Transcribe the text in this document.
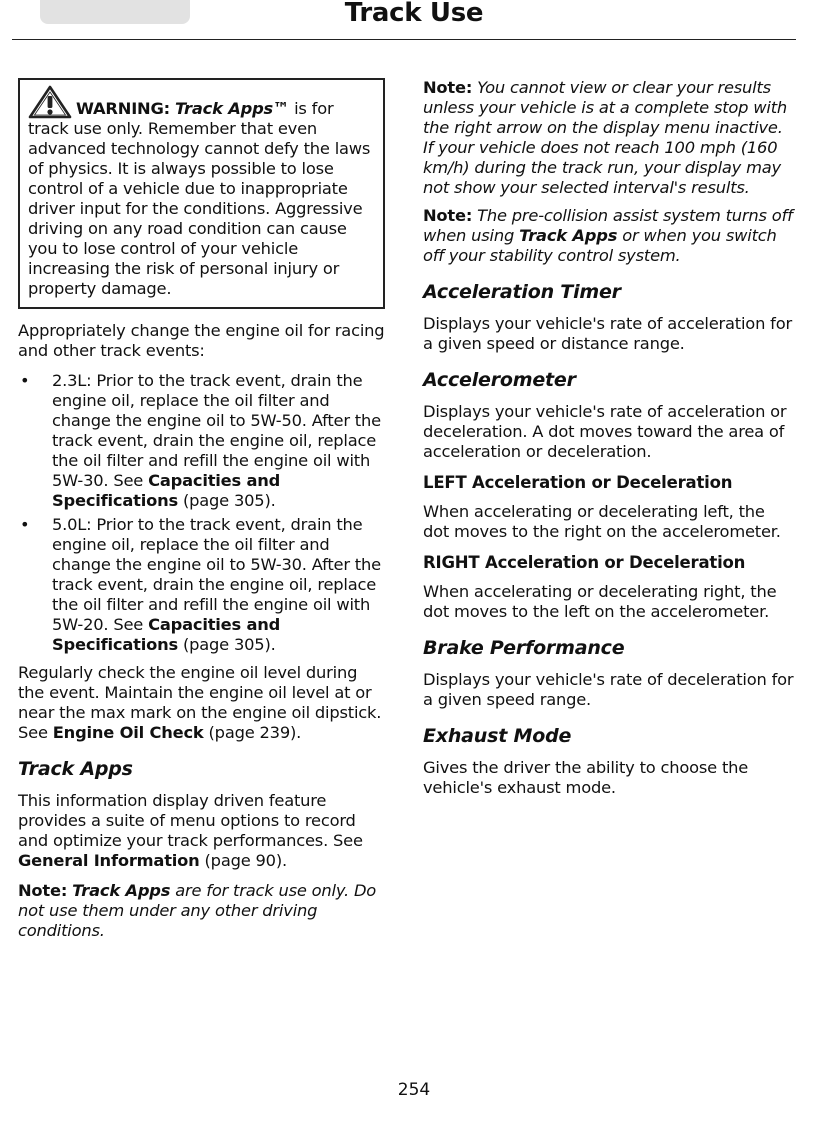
Track Use
WARNING: Track Apps™ is for track use only. Remember that even advanced technology cannot defy the laws of physics. It is always possible to lose control of a vehicle due to inappropriate driver input for the conditions. Aggressive driving on any road condition can cause you to lose control of your vehicle increasing the risk of personal injury or property damage.

Appropriately change the engine oil for racing and other track events:

•	2.3L: Prior to the track event, drain the engine oil, replace the oil filter and change the engine oil to 5W-50. After the track event, drain the engine oil, replace the oil filter and refill the engine oil with 5W-30. See Capacities and Specifications (page 305).
•	5.0L: Prior to the track event, drain the engine oil, replace the oil filter and change the engine oil to 5W-30. After the track event, drain the engine oil, replace the oil filter and refill the engine oil with 5W-20. See Capacities and Specifications (page 305).

Regularly check the engine oil level during the event. Maintain the engine oil level at or near the max mark on the engine oil dipstick. See Engine Oil Check (page 239).

Track Apps

This information display driven feature provides a suite of menu options to record and optimize your track performances. See General Information (page 90).

Note: Track Apps are for track use only. Do not use them under any other driving conditions.

Note: You cannot view or clear your results unless your vehicle is at a complete stop with the right arrow on the display menu inactive. If your vehicle does not reach 100 mph (160 km/h) during the track run, your display may not show your selected interval's results.

Note: The pre-collision assist system turns off when using Track Apps or when you switch off your stability control system.

Acceleration Timer

Displays your vehicle's rate of acceleration for a given speed or distance range.

Accelerometer

Displays your vehicle's rate of acceleration or deceleration. A dot moves toward the area of acceleration or deceleration.

LEFT Acceleration or Deceleration

When accelerating or decelerating left, the dot moves to the right on the accelerometer.

RIGHT Acceleration or Deceleration

When accelerating or decelerating right, the dot moves to the left on the accelerometer.

Brake Performance

Displays your vehicle's rate of deceleration for a given speed range.

Exhaust Mode

Gives the driver the ability to choose the vehicle's exhaust mode.

254
